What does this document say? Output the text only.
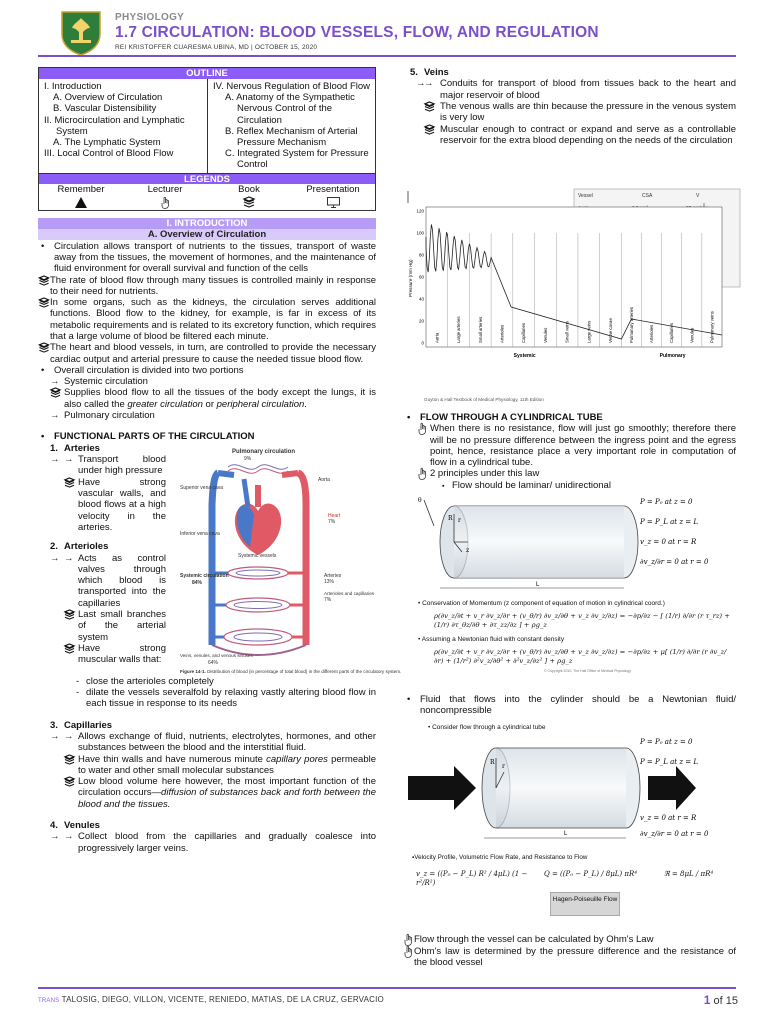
PHYSIOLOGY
1.7 CIRCULATION: BLOOD VESSELS, FLOW, AND REGULATION
REI KRISTOFFER CUARESMA UBINA, MD | OCTOBER 15, 2020
OUTLINE
I. Introduction
A. Overview of Circulation
B. Vascular Distensibility
II. Microcirculation and Lymphatic System
A. The Lymphatic System
III. Local Control of Blood Flow
IV. Nervous Regulation of Blood Flow
A. Anatomy of the Sympathetic Nervous Control of the Circulation
B. Reflex Mechanism of Arterial Pressure Mechanism
C. Integrated System for Pressure Control
LEGENDS
Remember	Lecturer	Book	Presentation
I. INTRODUCTION
A. Overview of Circulation
• Circulation allows transport of nutrients to the tissues, transport of waste away from the tissues, the movement of hormones, and the maintenance of fluid environment for overall survival and function of the cells
The rate of blood flow through many tissues is controlled mainly in response to their need for nutrients.
In some organs, such as the kidneys, the circulation serves additional functions. Blood flow to the kidney, for example, is far in excess of its metabolic requirements and is related to its excretory function, which requires that a large volume of blood be filtered each minute.
The heart and blood vessels, in turn, are controlled to provide the necessary cardiac output and arterial pressure to cause the needed tissue blood flow.
• Overall circulation is divided into two portions
→ Systemic circulation
Supplies blood flow to all the tissues of the body except the lungs, it is also called the greater circulation or peripheral circulation.
→ Pulmonary circulation
• FUNCTIONAL PARTS OF THE CIRCULATION
1. Arteries
→ → Transport blood under high pressure
Have strong vascular walls, and blood flows at a high velocity in the arteries.
2. Arterioles
→ → Acts as control valves through which blood is transported into the capillaries
Last small branches of the arterial system
Have strong muscular walls that:
Pulmonary circulation
9%
Superior vena cava
Aorta
Heart
7%
Inferior vena cava
Systemic vessels
Systemic circulation
84%
Arteries
13%
Arterioles and capillaries
7%
Veins, venules, and venous sinuses
64%
Figure 14-1. Distribution of blood (in percentage of total blood) in the different parts of the circulatory system.
- close the arterioles completely
- dilate the vessels severalfold by relaxing vastly altering blood flow in each tissue in response to its needs
3. Capillaries
→ → Allows exchange of fluid, nutrients, electrolytes, hormones, and other substances between the blood and the interstitial fluid.
Have thin walls and have numerous minute capillary pores permeable to water and other small molecular substances
Low blood volume here however, the most important function of the circulation occurs—diffusion of substances back and forth between the blood and the tissues.
4. Venules
→ → Collect blood from the capillaries and gradually coalesce into progressively larger veins.
5. Veins
→ → Conduits for transport of blood from tissues back to the heart and major reservoir of blood
The venous walls are thin because the pressure in the venous system is very low
Muscular enough to contract or expand and serve as a controllable reservoir for the extra blood depending on the needs of the circulation
Vessel	CSA	V
120
100
80
60
40
20
0
Pressure (mm Hg)
Aorta	Large arteries	Small arteries	Arterioles	Capillaries	Venules	Small veins	Large veins	Venae cavae	Pulmonary arteries	Arterioles	Capillaries	Venules	Pulmonary veins
Systemic	Pulmonary
Guyton & Hall Textbook of Medical Physiology, 11th Edition
• FLOW THROUGH A CYLINDRICAL TUBE
When there is no resistance, flow will just go smoothly; therefore there will be no pressure difference between the ingress point and the egress point, hence, resistance place a very important role in computation of flow in a cylindrical tube.
2 principles under this law
▪ Flow should be laminar/ unidirectional
θ
R r
z
L
P = P₀ at z = 0
P = P_L at z = L
v_z = 0 at r = R
∂v_z/∂r = 0 at r = 0
• Conservation of Momentum (z component of equation of motion in cylindrical coord.)
ρ(∂v_z/∂t + v_r ∂v_z/∂r + (v_θ/r) ∂v_z/∂θ + v_z ∂v_z/∂z) = −∂p/∂z − [ (1/r) ∂/∂r (r τ_rz) + (1/r) ∂τ_θz/∂θ + ∂τ_zz/∂z ] + ρg_z
• Assuming a Newtonian fluid with constant density
ρ(∂v_z/∂t + v_r ∂v_z/∂r + (v_θ/r) ∂v_z/∂θ + v_z ∂v_z/∂z) = −∂p/∂z + μ[ (1/r) ∂/∂r (r ∂v_z/∂r) + (1/r²) ∂²v_z/∂θ² + ∂²v_z/∂z² ] + ρg_z
© Copyright 2010, The Hall Office of Medical Physiology
• Fluid that flows into the cylinder should be a Newtonian fluid/ noncompressible
• Consider flow through a cylindrical tube
R
r
L
P = P₀ at z = 0
P = P_L at z = L
v_z = 0 at r = R
∂v_z/∂r = 0 at r = 0
▪Velocity Profile, Volumetric Flow Rate, and Resistance to Flow
v_z = ((P₀ − P_L) R² / 4μL) (1 − r²/R²)
Q = ((P₀ − P_L) / 8μL) πR⁴	ℜ = 8μL / πR⁴
Hagen-Poiseuille Flow
Flow through the vessel can be calculated by Ohm's Law
Ohm's law is determined by the pressure difference and the resistance of the blood vessel
TRANS TALOSIG, DIEGO, VILLON, VICENTE, RENIEDO, MATIAS, DE LA CRUZ, GERVACIO	1 of 15
